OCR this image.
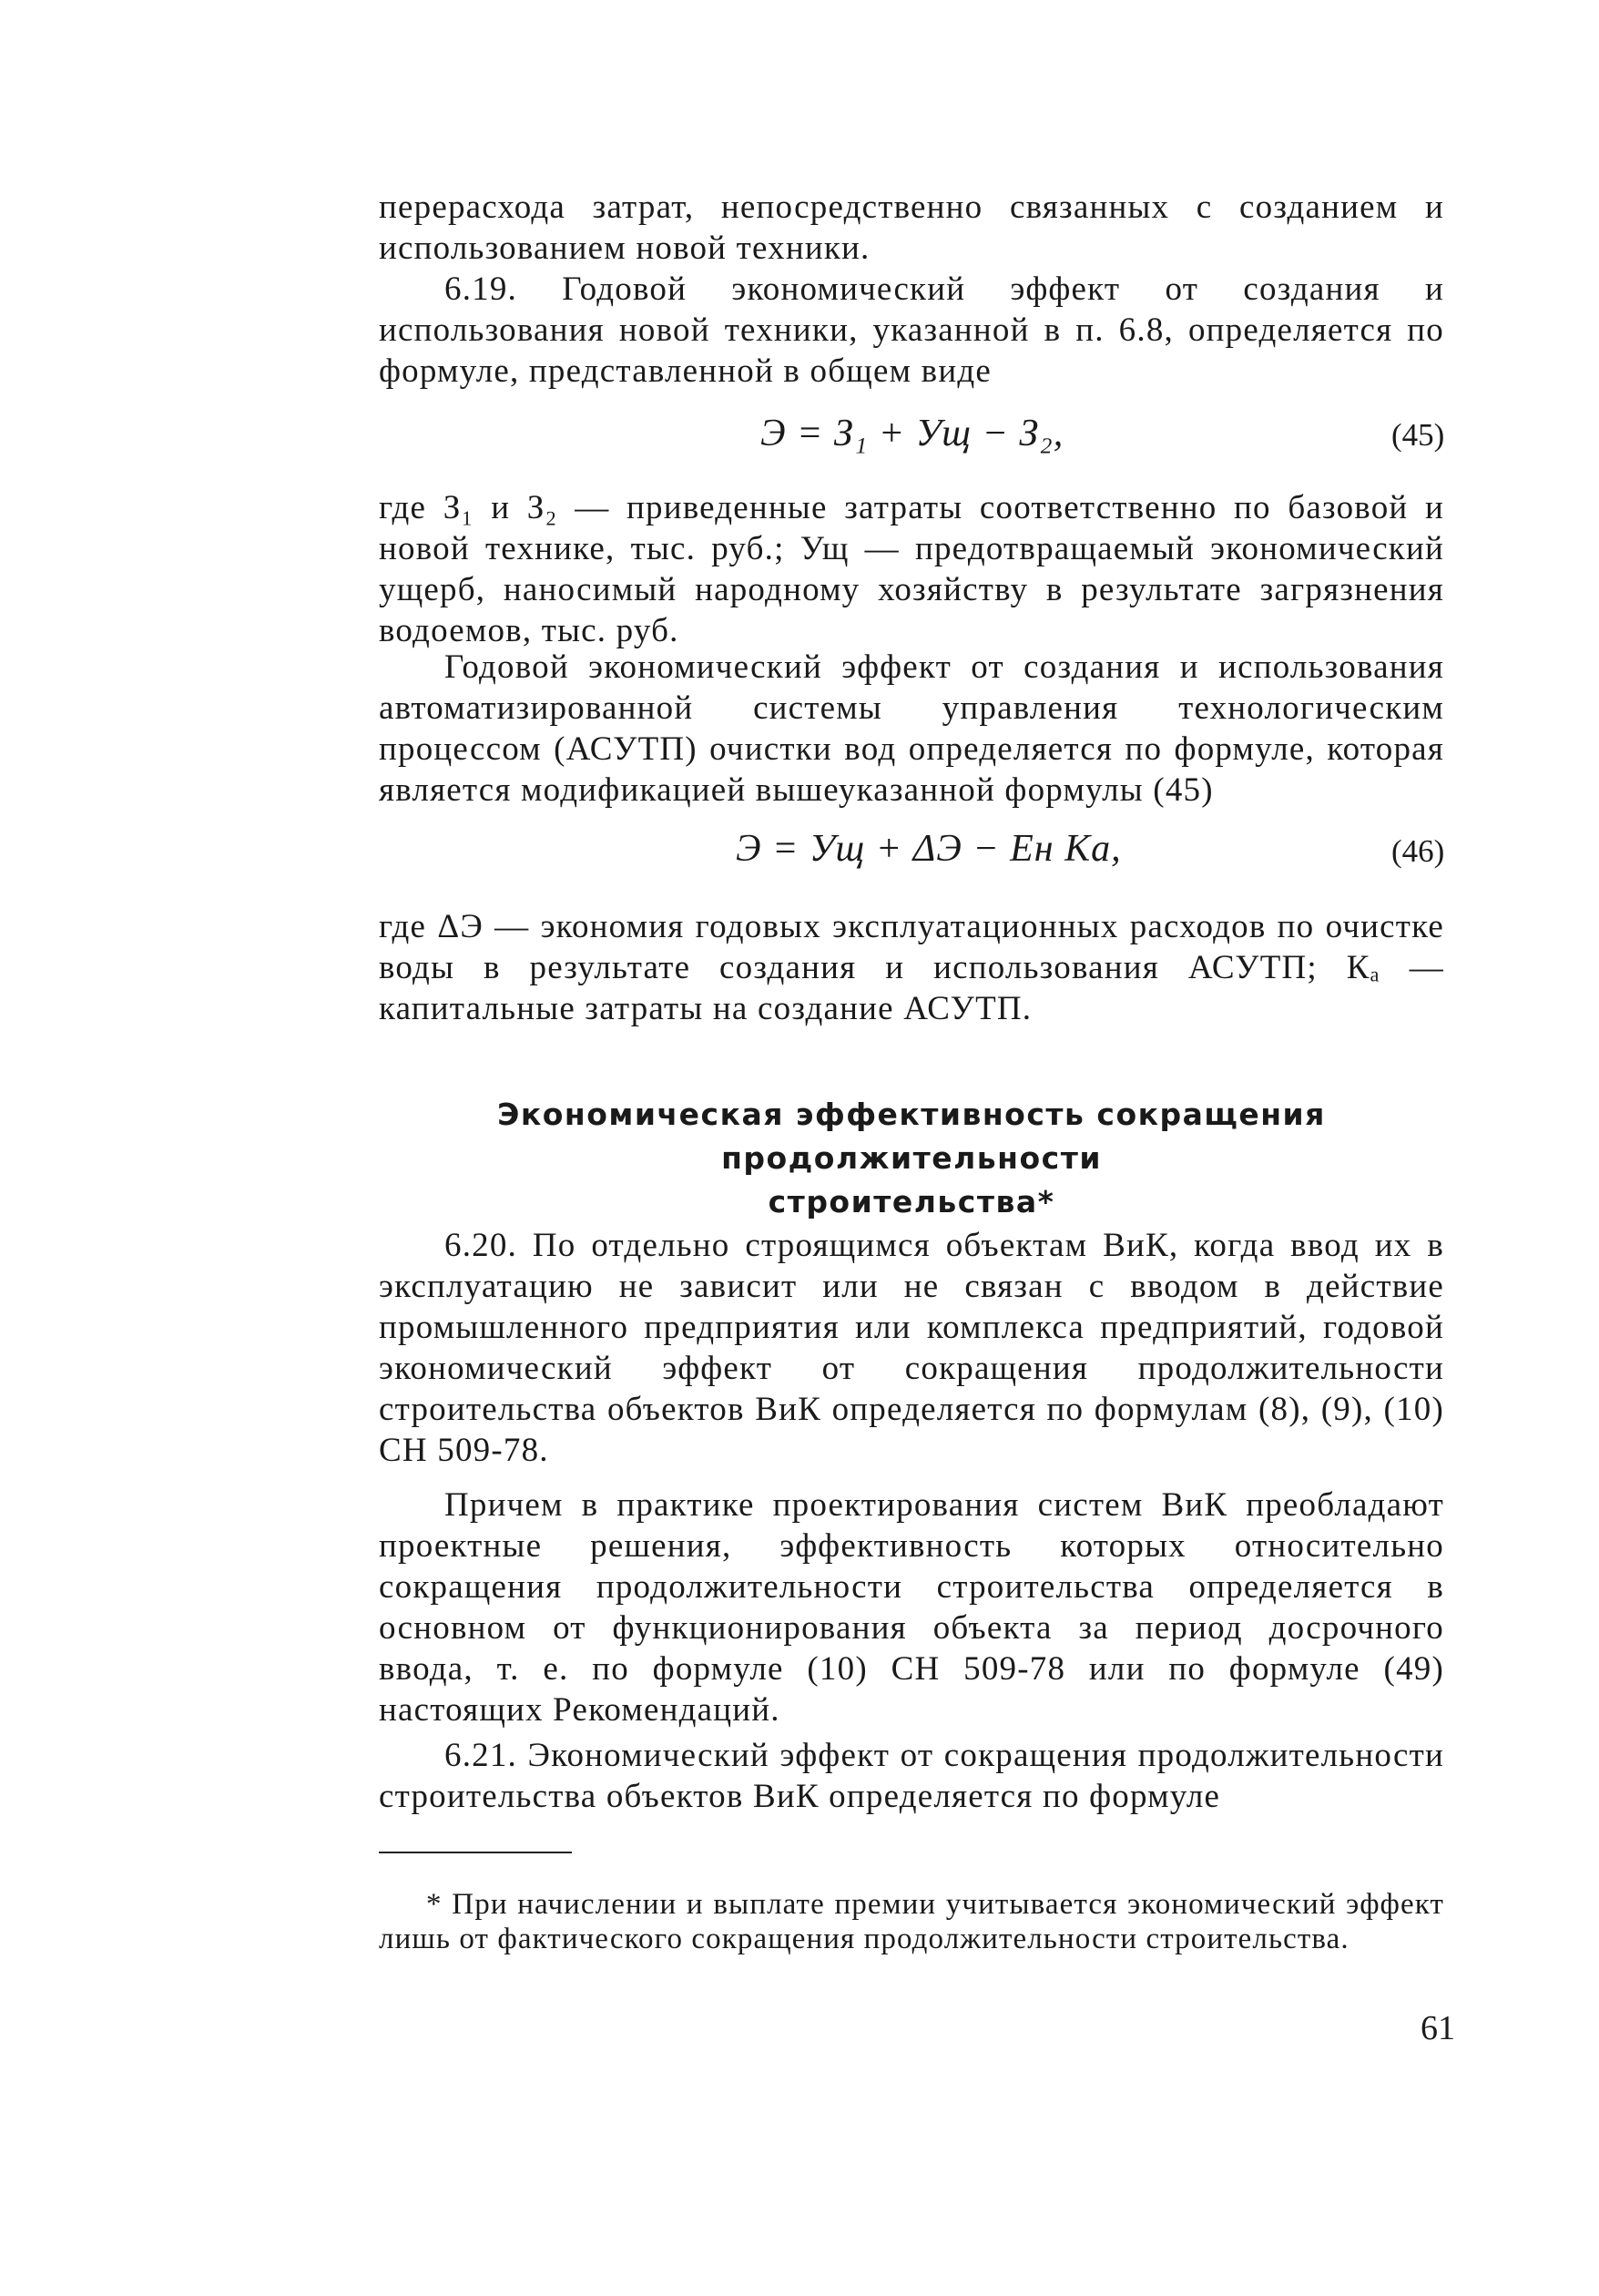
перерасхода затрат, непосредственно связанных с созданием и использованием новой техники.

6.19. Годовой экономический эффект от создания и использования новой техники, указанной в п. 6.8, определяется по формуле, представленной в общем виде

Э = З₁ + Ущ − З₂,	(45)

где З₁ и З₂ — приведенные затраты соответственно по базовой и новой технике, тыс. руб.; Ущ — предотвращаемый экономический ущерб, наносимый народному хозяйству в результате загрязнения водоемов, тыс. руб.

Годовой экономический эффект от создания и использования автоматизированной системы управления технологическим процессом (АСУТП) очистки вод определяется по формуле, которая является модификацией вышеуказанной формулы (45)

Э = Ущ + ΔЭ − Eн Kа,	(46)

где ΔЭ — экономия годовых эксплуатационных расходов по очистке воды в результате создания и использования АСУТП; Кₐ — капитальные затраты на создание АСУТП.

Экономическая эффективность сокращения продолжительности
строительства*

6.20. По отдельно строящимся объектам ВиК, когда ввод их в эксплуатацию не зависит или не связан с вводом в действие промышленного предприятия или комплекса предприятий, годовой экономический эффект от сокращения продолжительности строительства объектов ВиК определяется по формулам (8), (9), (10) СН 509-78.

Причем в практике проектирования систем ВиК преобладают проектные решения, эффективность которых относительно сокращения продолжительности строительства определяется в основном от функционирования объекта за период досрочного ввода, т. е. по формуле (10) СН 509-78 или по формуле (49) настоящих Рекомендаций.

6.21. Экономический эффект от сокращения продолжительности строительства объектов ВиК определяется по формуле

* При начислении и выплате премии учитывается экономический эффект лишь от фактического сокращения продолжительности строительства.

61
